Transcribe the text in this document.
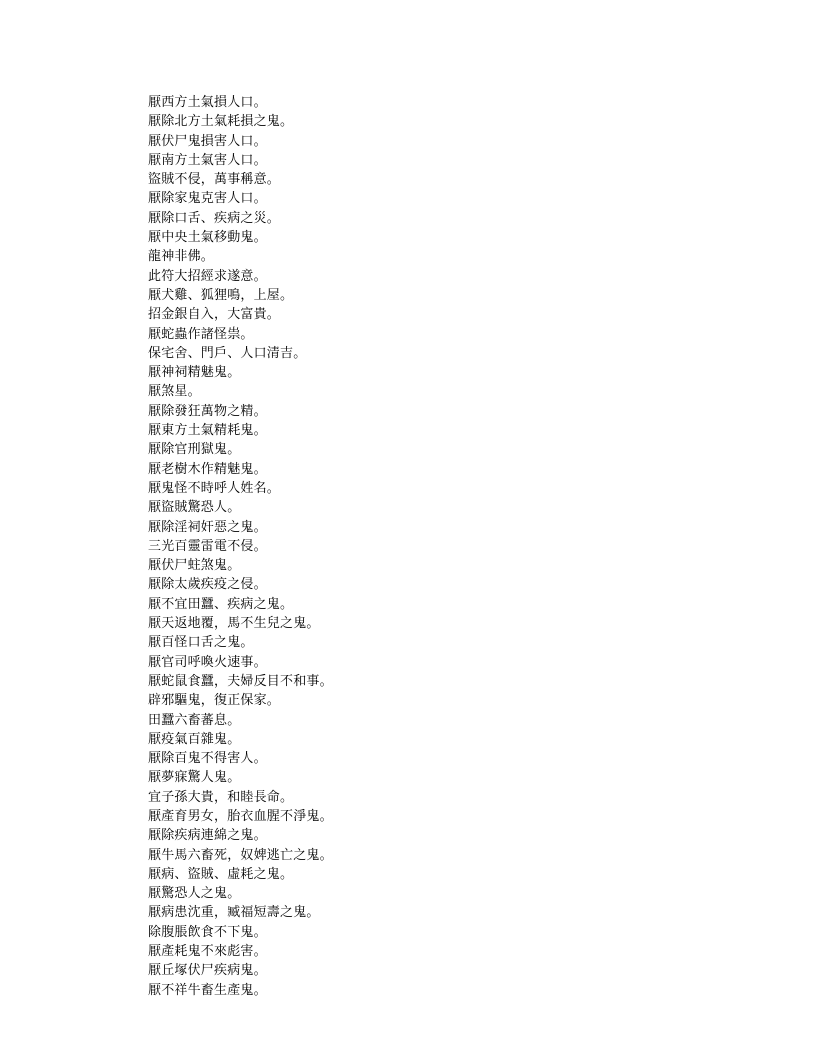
厭西方土氣損人口。
厭除北方土氣耗損之鬼。
厭伏尸鬼損害人口。
厭南方土氣害人口。
盜賊不侵，萬事稱意。
厭除家鬼克害人口。
厭除口舌、疾病之災。
厭中央土氣移動鬼。
龍神非佛。
此符大招經求遂意。
厭犬雞、狐狸鳴，上屋。
招金銀自入，大富貴。
厭蛇蟲作諸怪祟。
保宅舍、門戶、人口清吉。
厭神祠精魅鬼。
厭煞星。
厭除發狂萬物之精。
厭東方土氣精耗鬼。
厭除官刑獄鬼。
厭老樹木作精魅鬼。
厭鬼怪不時呼人姓名。
厭盜賊驚恐人。
厭除淫祠奸惡之鬼。
三光百靈雷電不侵。
厭伏尸蛀煞鬼。
厭除太歲疾疫之侵。
厭不宜田蠶、疾病之鬼。
厭天返地覆，馬不生兒之鬼。
厭百怪口舌之鬼。
厭官司呼喚火速事。
厭蛇鼠食蠶，夫婦反目不和事。
辟邪驅鬼，復正保家。
田蠶六畜蕃息。
厭疫氣百雜鬼。
厭除百鬼不得害人。
厭夢寐驚人鬼。
宜子孫大貴，和睦長命。
厭產育男女，胎衣血腥不淨鬼。
厭除疾病連綿之鬼。
厭牛馬六畜死，奴婢逃亡之鬼。
厭病、盜賊、虛耗之鬼。
厭驚恐人之鬼。
厭病患沈重，臧福短壽之鬼。
除腹脹飲食不下鬼。
厭產耗鬼不來彪害。
厭丘塚伏尸疾病鬼。
厭不祥牛畜生產鬼。
